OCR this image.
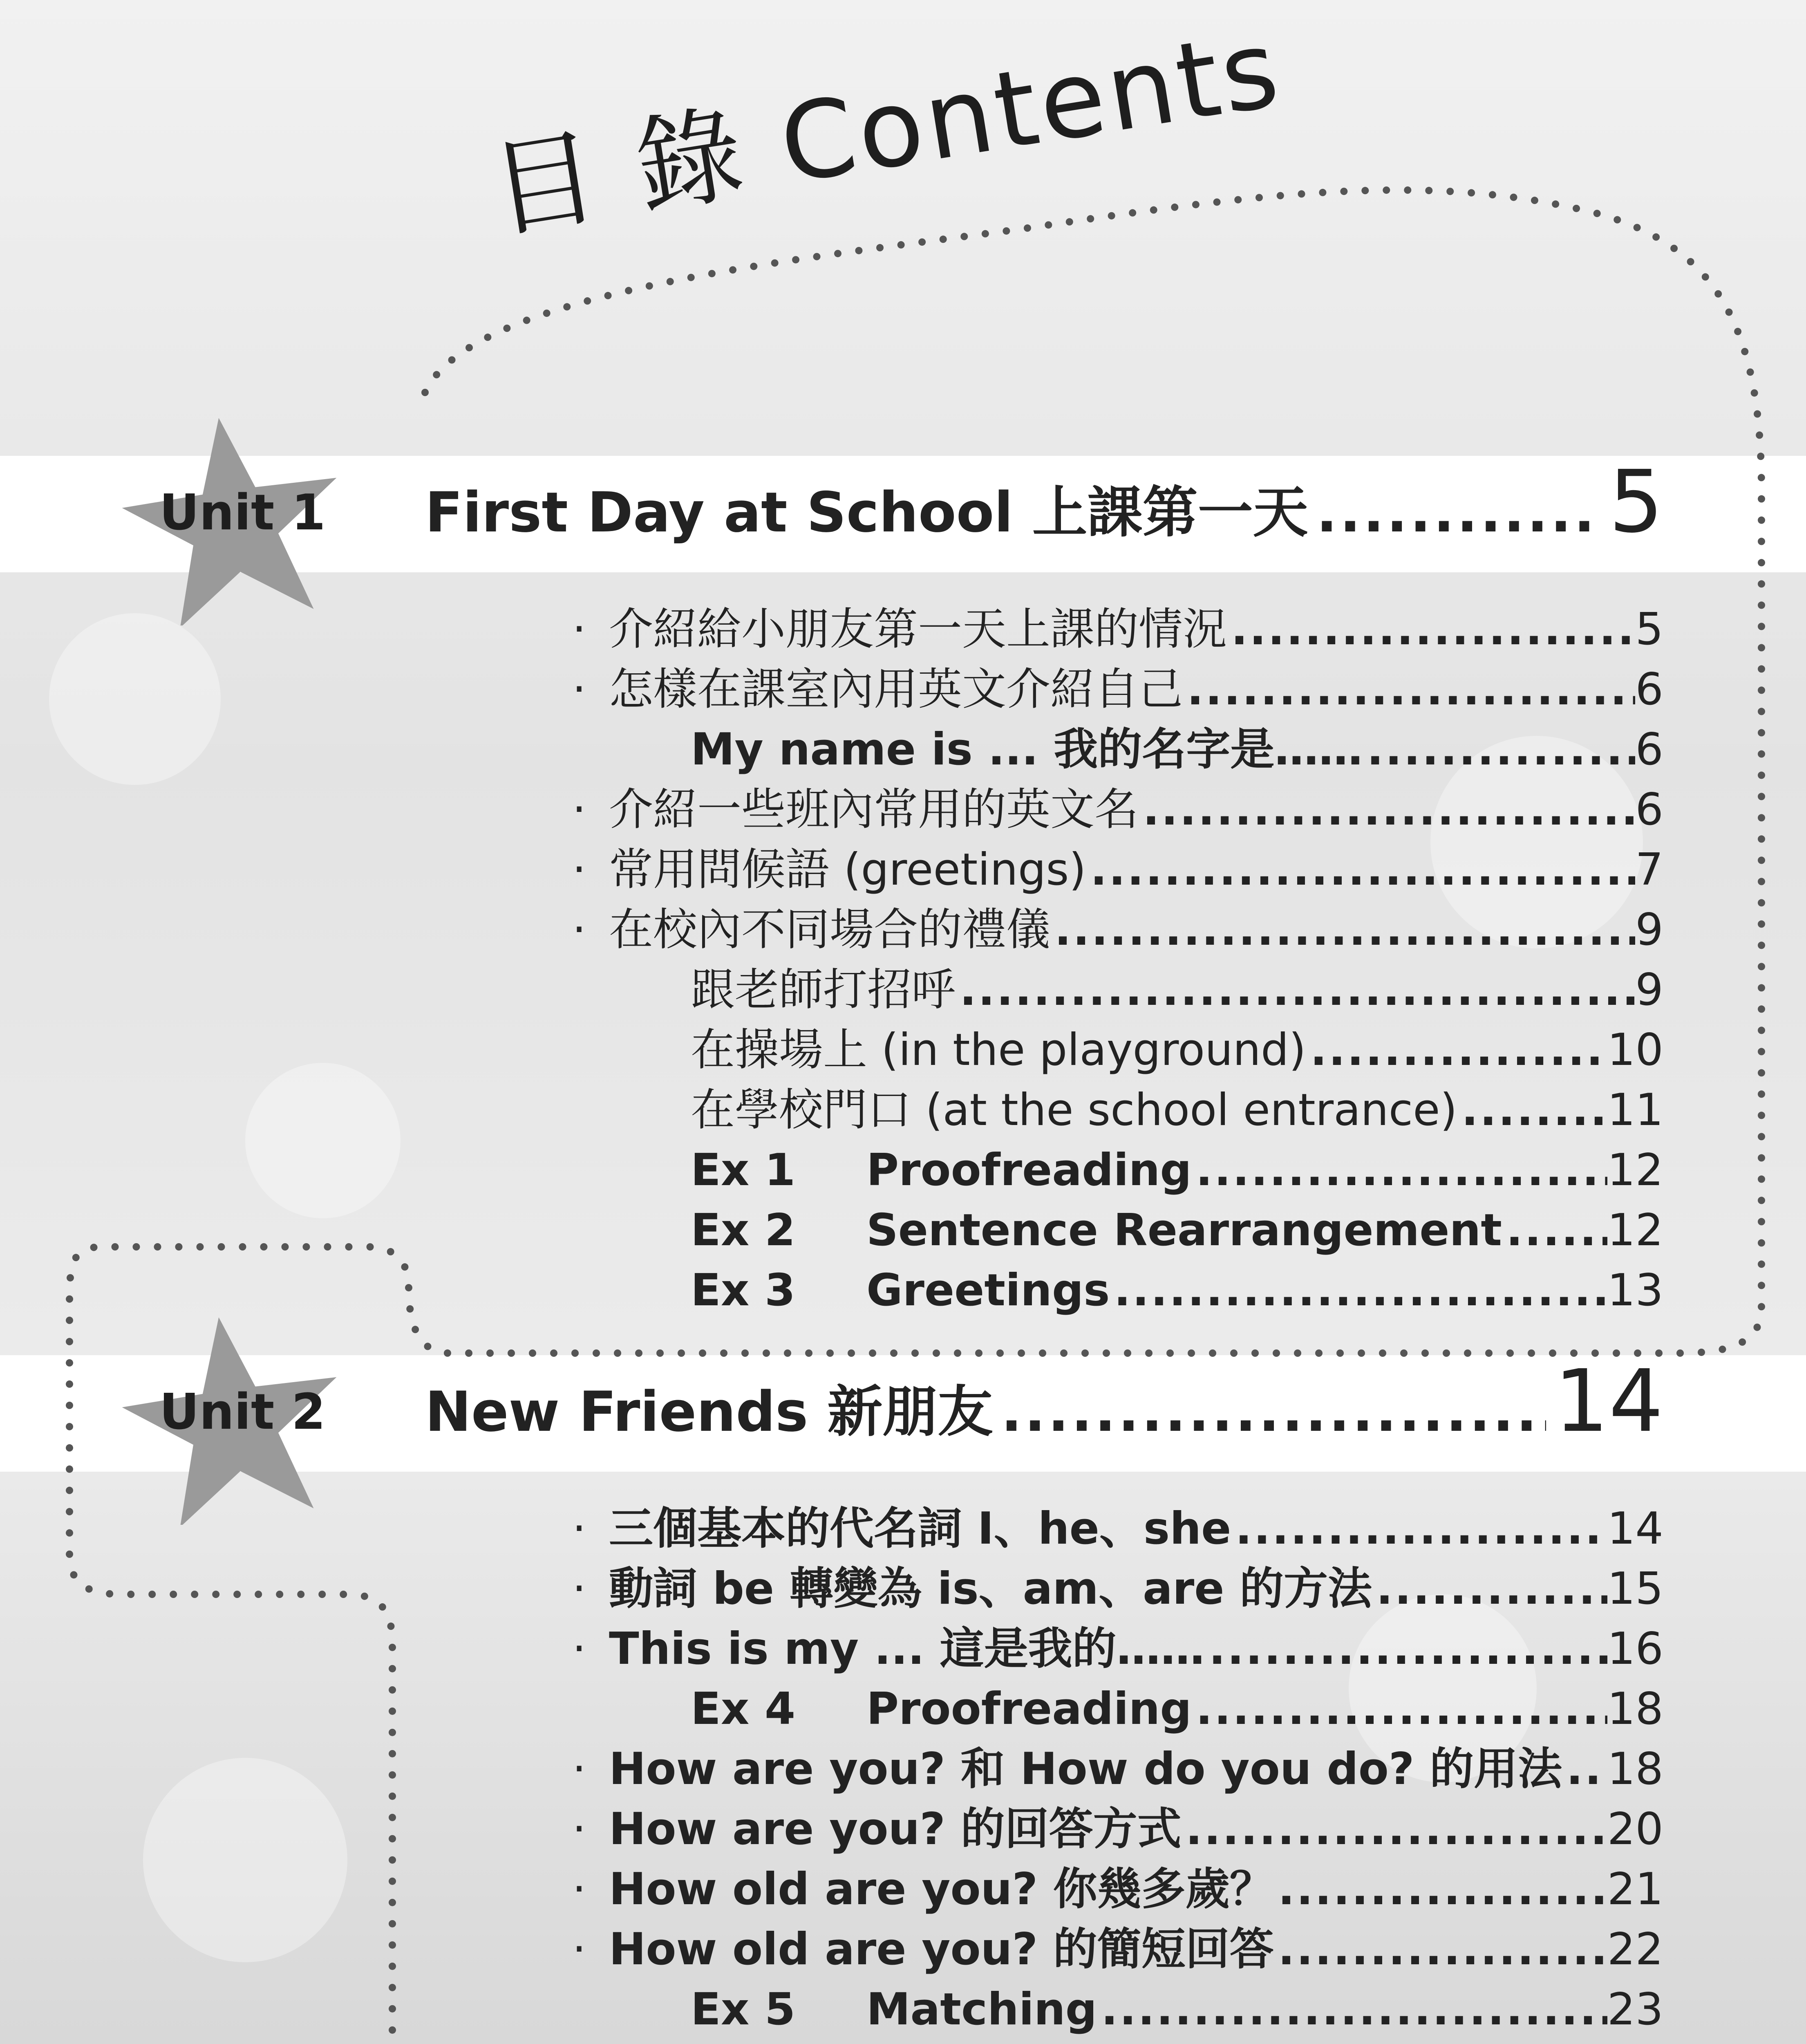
目 錄 Contents
Unit 1 First Day at School 上課第一天 .....	5
· 介紹給小朋友第一天上課的情況 .....	5
· 怎樣在課室內用英文介紹自己 .....	6
My name is ... 我的名字是…… .....	6
· 介紹一些班內常用的英文名 .....	6
· 常用問候語 (greetings) .....	7
· 在校內不同場合的禮儀 .....	9
跟老師打招呼 .....	9
在操場上 (in the playground) .....	10
在學校門口 (at the school entrance) .....	11
Ex 1	Proofreading .....	12
Ex 2	Sentence Rearrangement ..... 12
Ex 3	Greetings .....	13
Unit 2 New Friends 新朋友 .....	14
· 三個基本的代名詞 I、he、she .....	14
· 動詞 be 轉變為 is、am、are 的方法 .....	15
· This is my ... 這是我的…… .....	16
Ex 4	Proofreading .....	18
· How are you? 和 How do you do? 的用法 ..... 18
· How are you? 的回答方式 .....	20
· How old are you? 你幾多歲？ .....	21
· How old are you? 的簡短回答 .....	22
Ex 5	Matching .....	23
.....
